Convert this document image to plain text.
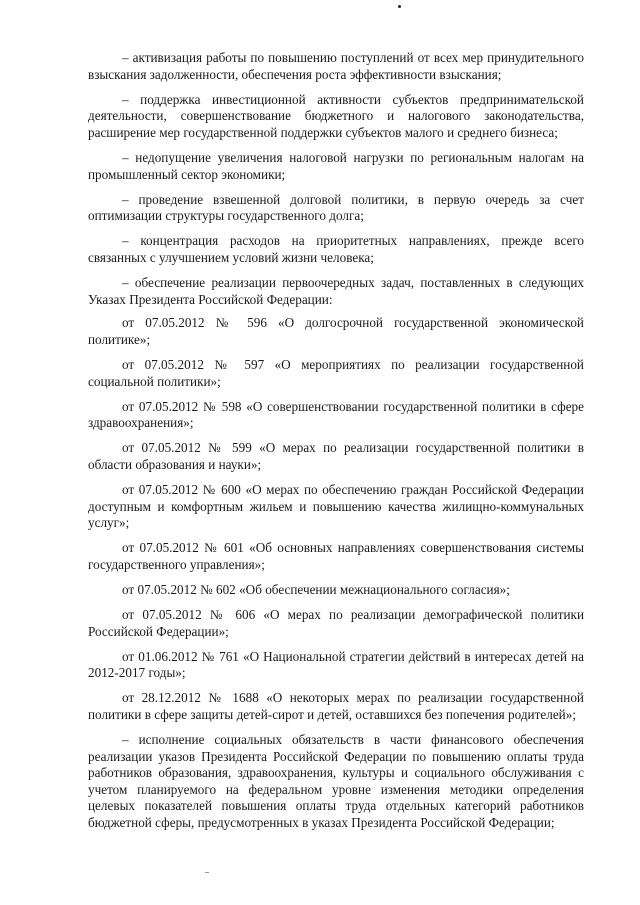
– активизация работы по повышению поступлений от всех мер принудительного взыскания задолженности, обеспечения роста эффективности взыскания;

– поддержка инвестиционной активности субъектов предпринимательской деятельности, совершенствование бюджетного и налогового законодательства, расширение мер государственной поддержки субъектов малого и среднего бизнеса;

– недопущение увеличения налоговой нагрузки по региональным налогам на промышленный сектор экономики;

– проведение взвешенной долговой политики, в первую очередь за счет оптимизации структуры государственного долга;

– концентрация расходов на приоритетных направлениях, прежде всего связанных с улучшением условий жизни человека;

– обеспечение реализации первоочередных задач, поставленных в следующих Указах Президента Российской Федерации:

от 07.05.2012 № 596 «О долгосрочной государственной экономической политике»;

от 07.05.2012 № 597 «О мероприятиях по реализации государственной социальной политики»;

от 07.05.2012 № 598 «О совершенствовании государственной политики в сфере здравоохранения»;

от 07.05.2012 № 599 «О мерах по реализации государственной политики в области образования и науки»;

от 07.05.2012 № 600 «О мерах по обеспечению граждан Российской Федерации доступным и комфортным жильем и повышению качества жилищно-коммунальных услуг»;

от 07.05.2012 № 601 «Об основных направлениях совершенствования системы государственного управления»;

от 07.05.2012 № 602 «Об обеспечении межнационального согласия»;

от 07.05.2012 № 606 «О мерах по реализации демографической политики Российской Федерации»;

от 01.06.2012 № 761 «О Национальной стратегии действий в интересах детей на 2012-2017 годы»;

от 28.12.2012 № 1688 «О некоторых мерах по реализации государственной политики в сфере защиты детей-сирот и детей, оставшихся без попечения родителей»;

– исполнение социальных обязательств в части финансового обеспечения реализации указов Президента Российской Федерации по повышению оплаты труда работников образования, здравоохранения, культуры и социального обслуживания с учетом планируемого на федеральном уровне изменения методики определения целевых показателей повышения оплаты труда отдельных категорий работников бюджетной сферы, предусмотренных в указах Президента Российской Федерации;
